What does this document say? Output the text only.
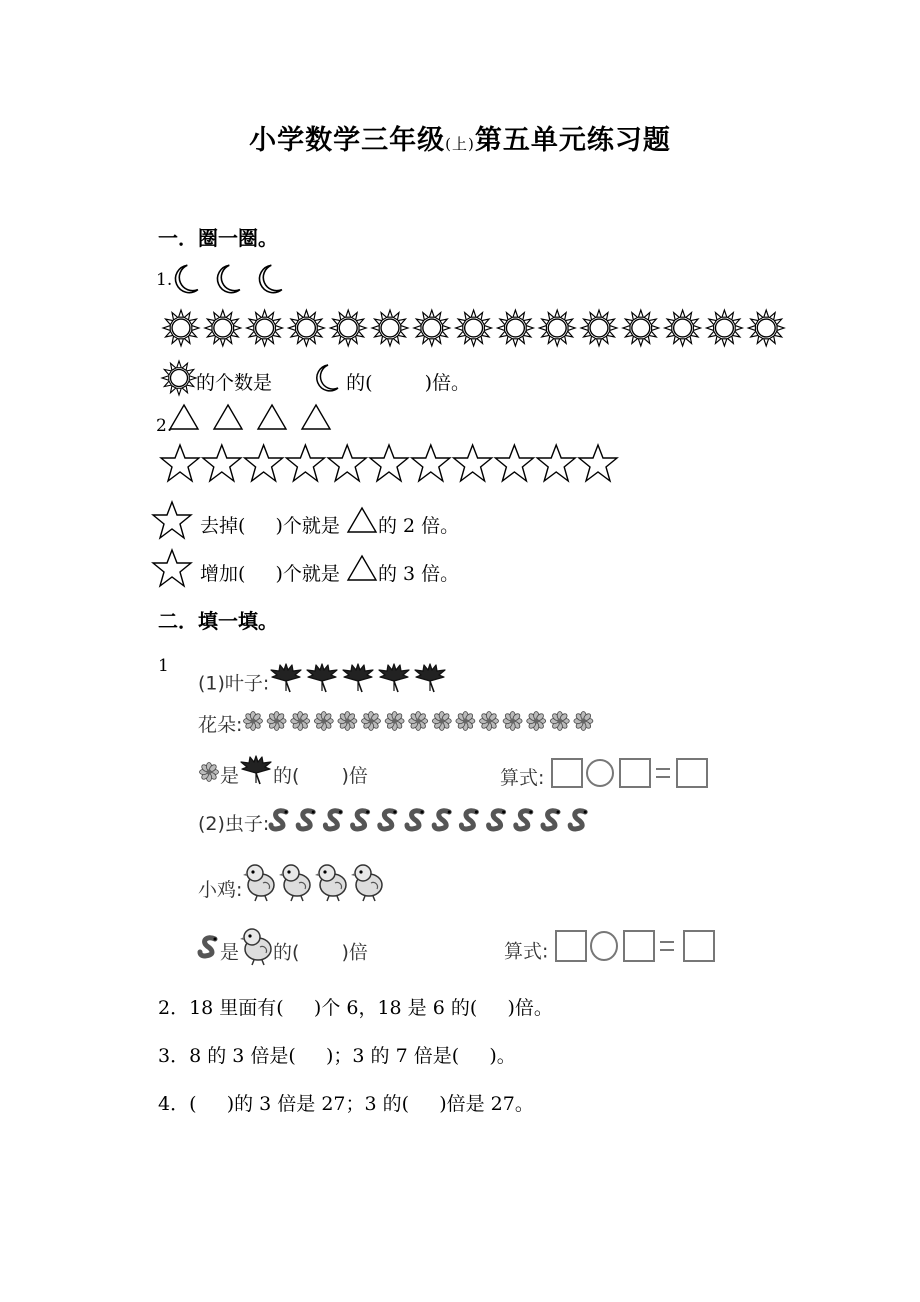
小学数学三年级(上)第五单元练习题
一．圈一圈。
1.
的个数是	的(	)倍。
2.
去掉( )个就是 的 2 倍。
增加( )个就是 的 3 倍。
二．填一填。
1
(1)叶子:
花朵:
是 的( )倍	算式:
(2)虫子:
小鸡:
是 的( )倍	算式:
2．18 里面有(     )个 6，18 是 6 的(     )倍。
3．8 的 3 倍是(     )；3 的 7 倍是(     )。
4．(     )的 3 倍是 27；3 的(     )倍是 27。
